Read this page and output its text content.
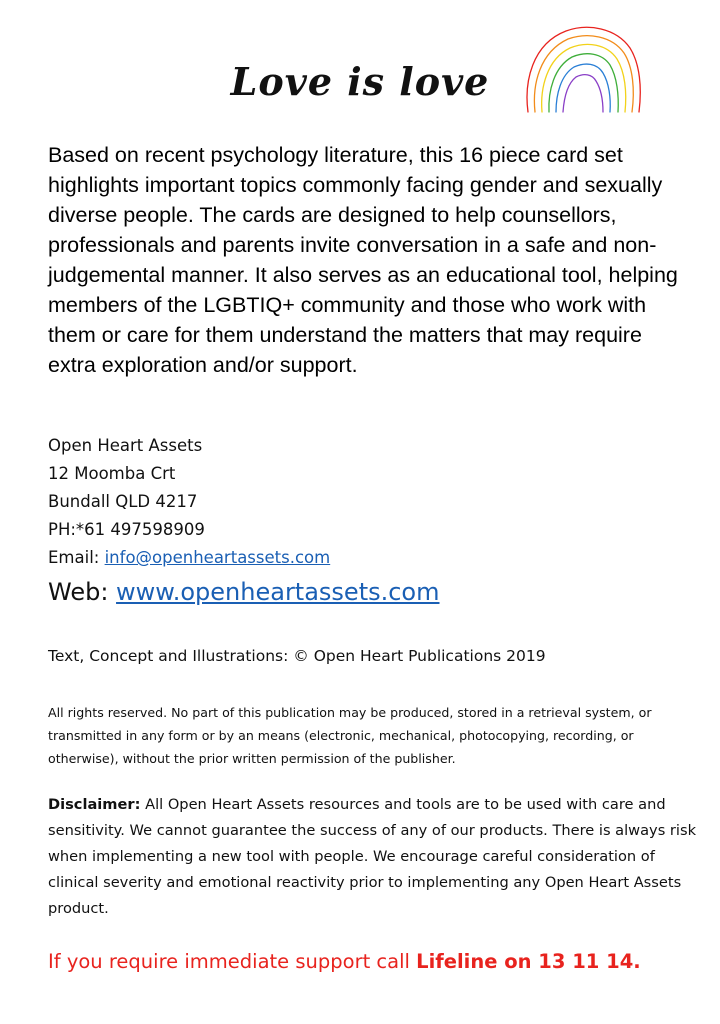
Love is love

Based on recent psychology literature, this 16 piece card set highlights important topics commonly facing gender and sexually diverse people. The cards are designed to help counsellors, professionals and parents invite conversation in a safe and non-judgemental manner. It also serves as an educational tool, helping members of the LGBTIQ+ community and those who work with them or care for them understand the matters that may require extra exploration and/or support.

Open Heart Assets
12 Moomba Crt
Bundall QLD 4217
PH:*61 497598909
Email: info@openheartassets.com
Web: www.openheartassets.com
Text, Concept and Illustrations: © Open Heart Publications 2019

All rights reserved. No part of this publication may be produced, stored in a retrieval system, or transmitted in any form or by an means (electronic, mechanical, photocopying, recording, or otherwise), without the prior written permission of the publisher.

Disclaimer: All Open Heart Assets resources and tools are to be used with care and sensitivity. We cannot guarantee the success of any of our products. There is always risk when implementing a new tool with people. We encourage careful consideration of clinical severity and emotional reactivity prior to implementing any Open Heart Assets product.

If you require immediate support call Lifeline on 13 11 14.
